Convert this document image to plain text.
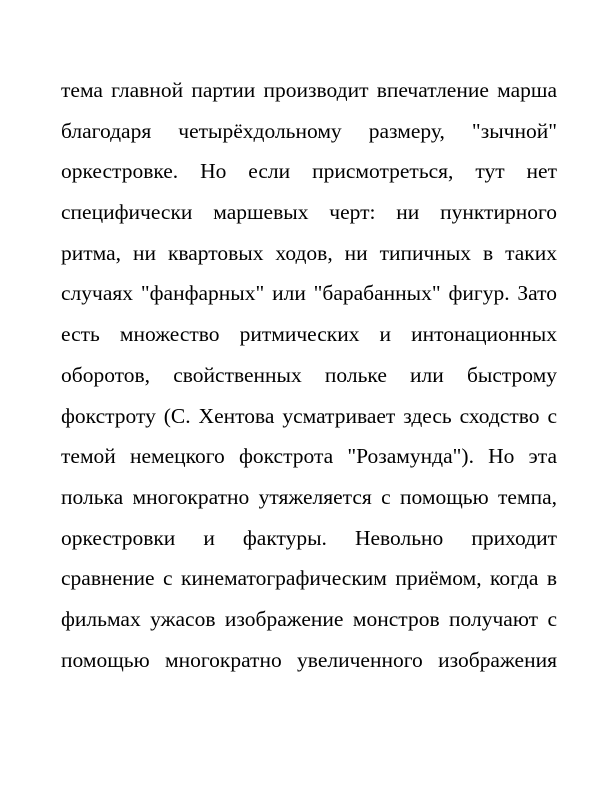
тема главной партии производит впечатление марша
благодаря четырёхдольному размеру, "зычной"
оркестровке. Но если присмотреться, тут нет
специфически маршевых черт: ни пунктирного
ритма, ни квартовых ходов, ни типичных в таких
случаях "фанфарных" или "барабанных" фигур. Зато
есть множество ритмических и интонационных
оборотов, свойственных польке или быстрому
фокстроту (С. Хентова усматривает здесь сходство с
темой немецкого фокстрота "Розамунда"). Но эта
полька многократно утяжеляется с помощью темпа,
оркестровки и фактуры. Невольно приходит
сравнение с кинематографическим приёмом, когда в
фильмах ужасов изображение монстров получают с
помощью многократно увеличенного изображения
